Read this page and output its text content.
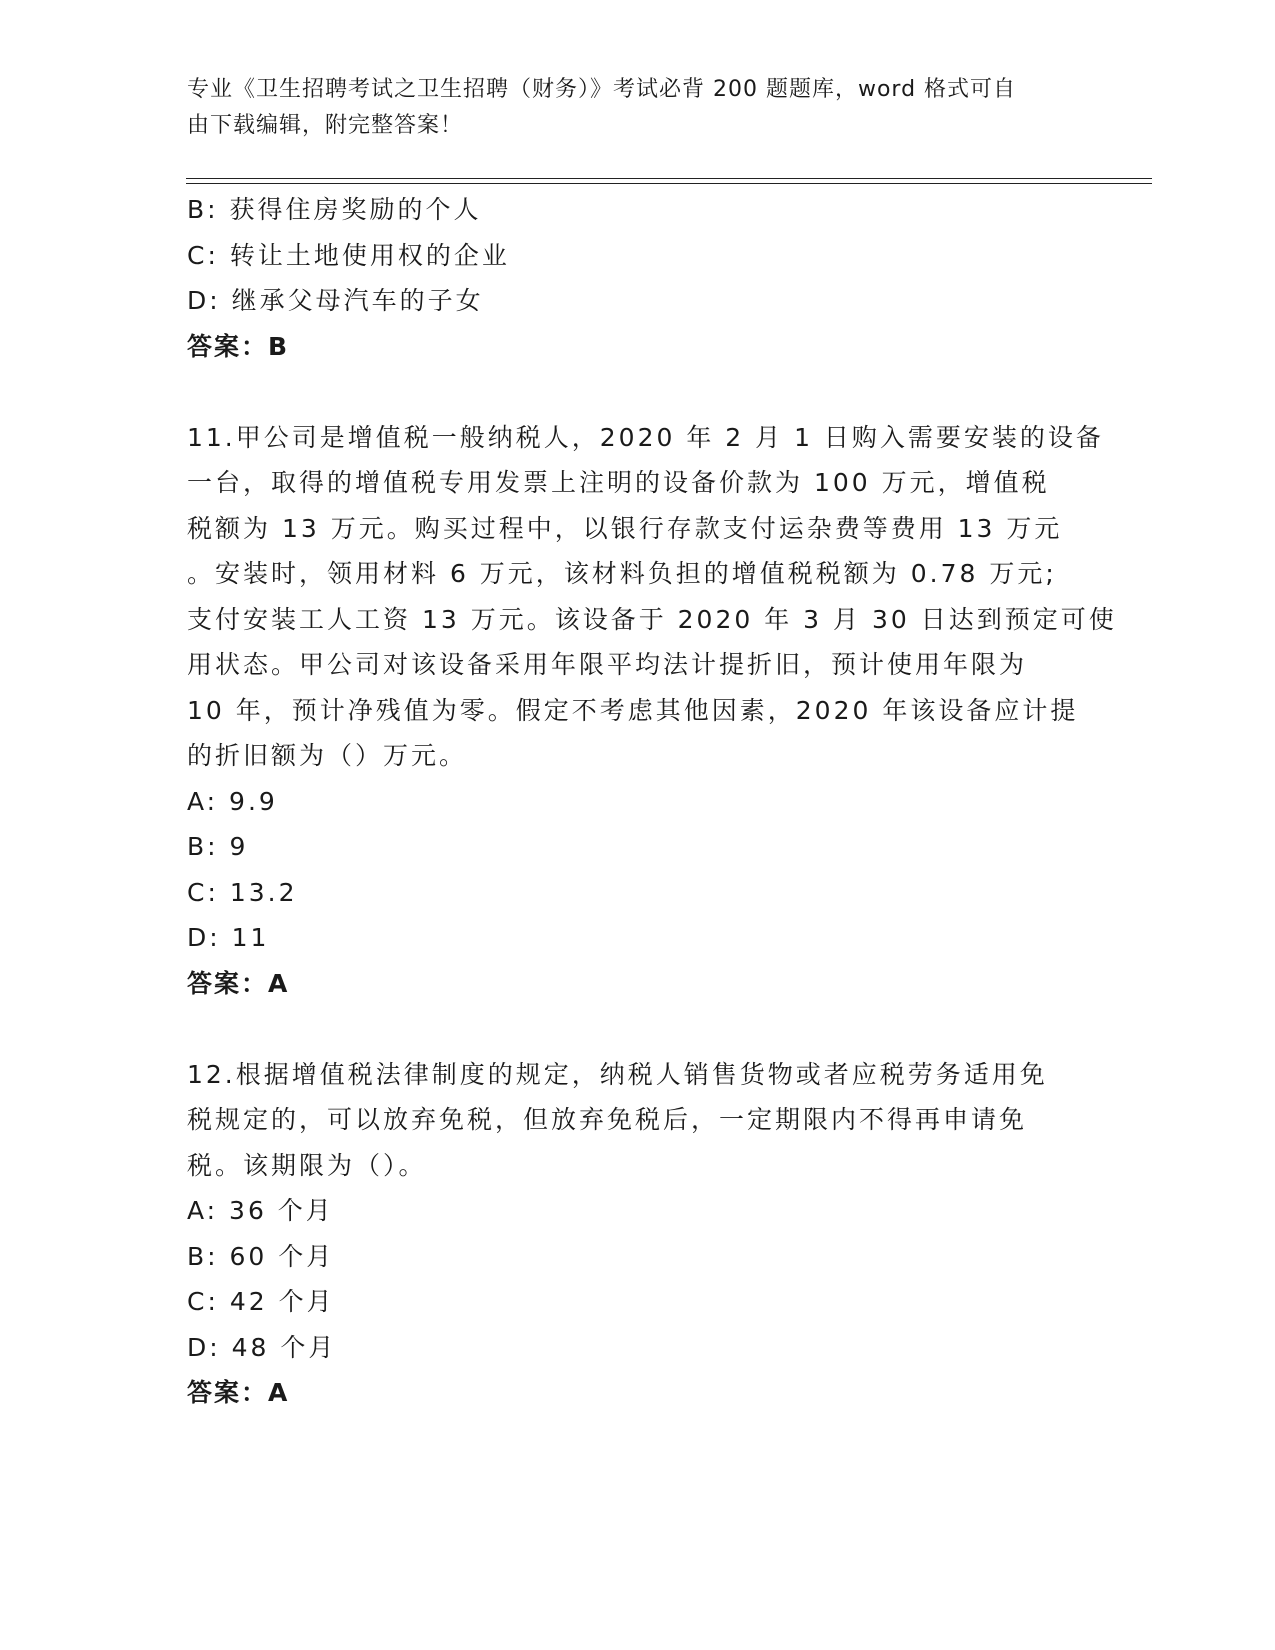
专业《卫生招聘考试之卫生招聘（财务）》考试必背 200 题题库，word 格式可自
由下载编辑，附完整答案！
B: 获得住房奖励的个人
C: 转让土地使用权的企业
D: 继承父母汽车的子女
答案：B
11.甲公司是增值税一般纳税人，2020 年 2 月 1 日购入需要安装的设备
一台，取得的增值税专用发票上注明的设备价款为 100 万元，增值税
税额为 13 万元。购买过程中，以银行存款支付运杂费等费用 13 万元
。安装时，领用材料 6 万元，该材料负担的增值税税额为 0.78 万元;
支付安装工人工资 13 万元。该设备于 2020 年 3 月 30 日达到预定可使
用状态。甲公司对该设备采用年限平均法计提折旧，预计使用年限为
10 年，预计净残值为零。假定不考虑其他因素，2020 年该设备应计提
的折旧额为（）万元。
A: 9.9
B: 9
C: 13.2
D: 11
答案：A
12.根据增值税法律制度的规定，纳税人销售货物或者应税劳务适用免
税规定的，可以放弃免税，但放弃免税后，一定期限内不得再申请免
税。该期限为（）。
A: 36 个月
B: 60 个月
C: 42 个月
D: 48 个月
答案：A
